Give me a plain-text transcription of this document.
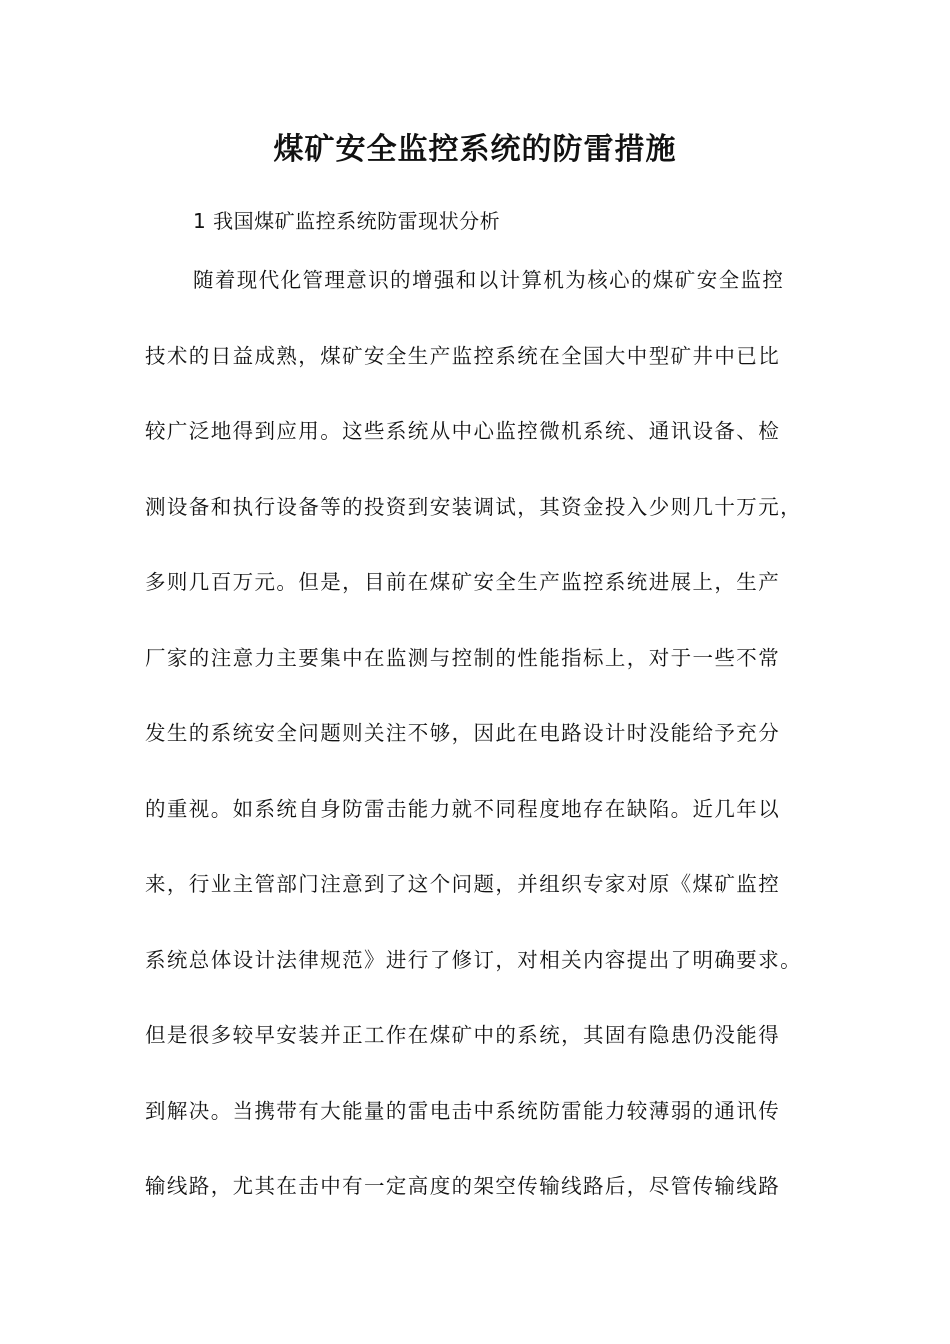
煤矿安全监控系统的防雷措施

1 我国煤矿监控系统防雷现状分析

随着现代化管理意识的增强和以计算机为核心的煤矿安全监控
技术的日益成熟，煤矿安全生产监控系统在全国大中型矿井中已比
较广泛地得到应用。这些系统从中心监控微机系统、通讯设备、检
测设备和执行设备等的投资到安装调试，其资金投入少则几十万元，
多则几百万元。但是，目前在煤矿安全生产监控系统进展上，生产
厂家的注意力主要集中在监测与控制的性能指标上，对于一些不常
发生的系统安全问题则关注不够，因此在电路设计时没能给予充分
的重视。如系统自身防雷击能力就不同程度地存在缺陷。近几年以
来，行业主管部门注意到了这个问题，并组织专家对原《煤矿监控
系统总体设计法律规范》进行了修订，对相关内容提出了明确要求。
但是很多较早安装并正工作在煤矿中的系统，其固有隐患仍没能得
到解决。当携带有大能量的雷电击中系统防雷能力较薄弱的通讯传
输线路，尤其在击中有一定高度的架空传输线路后，尽管传输线路
